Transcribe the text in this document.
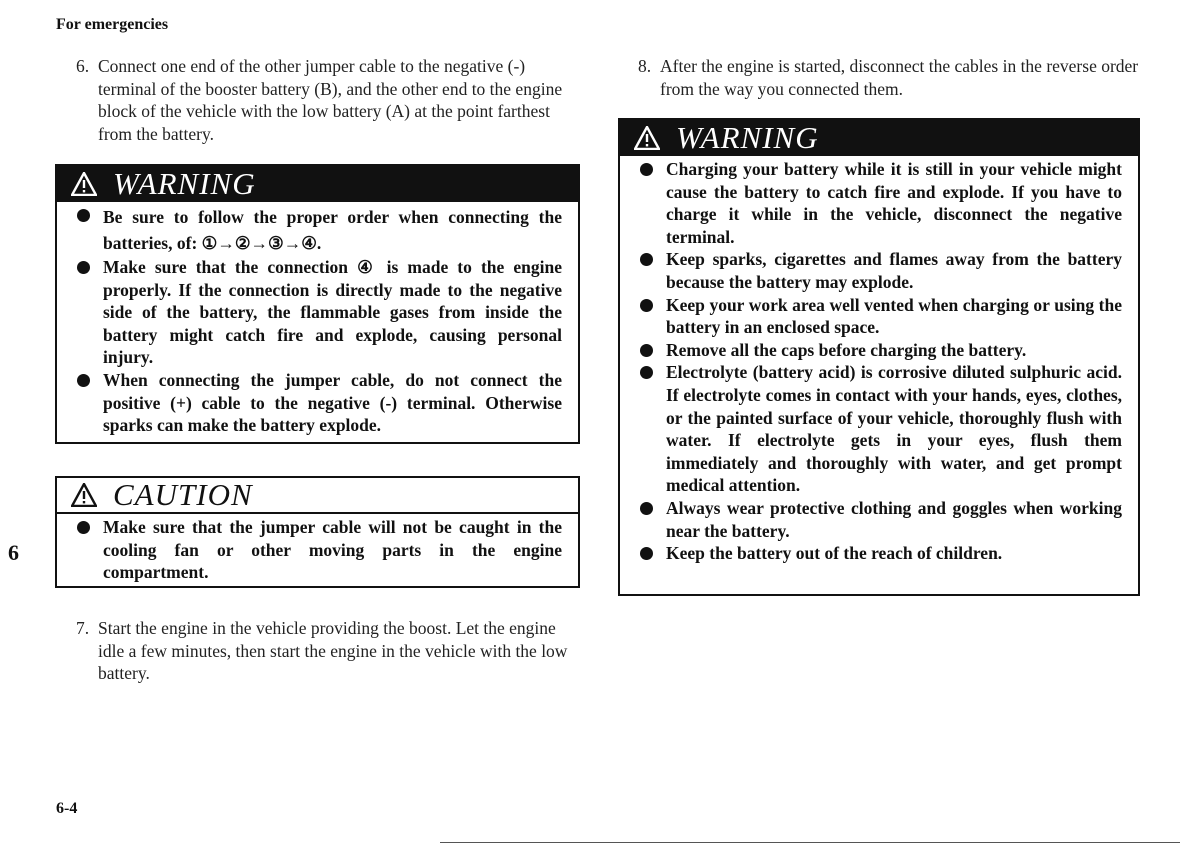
For emergencies
6
6. Connect one end of the other jumper cable to the negative (-) terminal of the booster battery (B), and the other end to the engine block of the vehicle with the low battery (A) at the point farthest from the battery.
WARNING
Be sure to follow the proper order when connecting the batteries, of: ①→②→③→④.
Make sure that the connection ④ is made to the engine properly. If the connection is directly made to the negative side of the battery, the flammable gases from inside the battery might catch fire and explode, causing personal injury.
When connecting the jumper cable, do not connect the positive (+) cable to the negative (-) terminal. Otherwise sparks can make the battery explode.
CAUTION
Make sure that the jumper cable will not be caught in the cooling fan or other moving parts in the engine compartment.
7. Start the engine in the vehicle providing the boost. Let the engine idle a few minutes, then start the engine in the vehicle with the low battery.
8. After the engine is started, disconnect the cables in the reverse order from the way you connected them.
WARNING
Charging your battery while it is still in your vehicle might cause the battery to catch fire and explode. If you have to charge it while in the vehicle, disconnect the negative terminal.
Keep sparks, cigarettes and flames away from the battery because the battery may explode.
Keep your work area well vented when charging or using the battery in an enclosed space.
Remove all the caps before charging the battery.
Electrolyte (battery acid) is corrosive diluted sulphuric acid. If electrolyte comes in contact with your hands, eyes, clothes, or the painted surface of your vehicle, thoroughly flush with water. If electrolyte gets in your eyes, flush them immediately and thoroughly with water, and get prompt medical attention.
Always wear protective clothing and goggles when working near the battery.
Keep the battery out of the reach of children.
6-4
